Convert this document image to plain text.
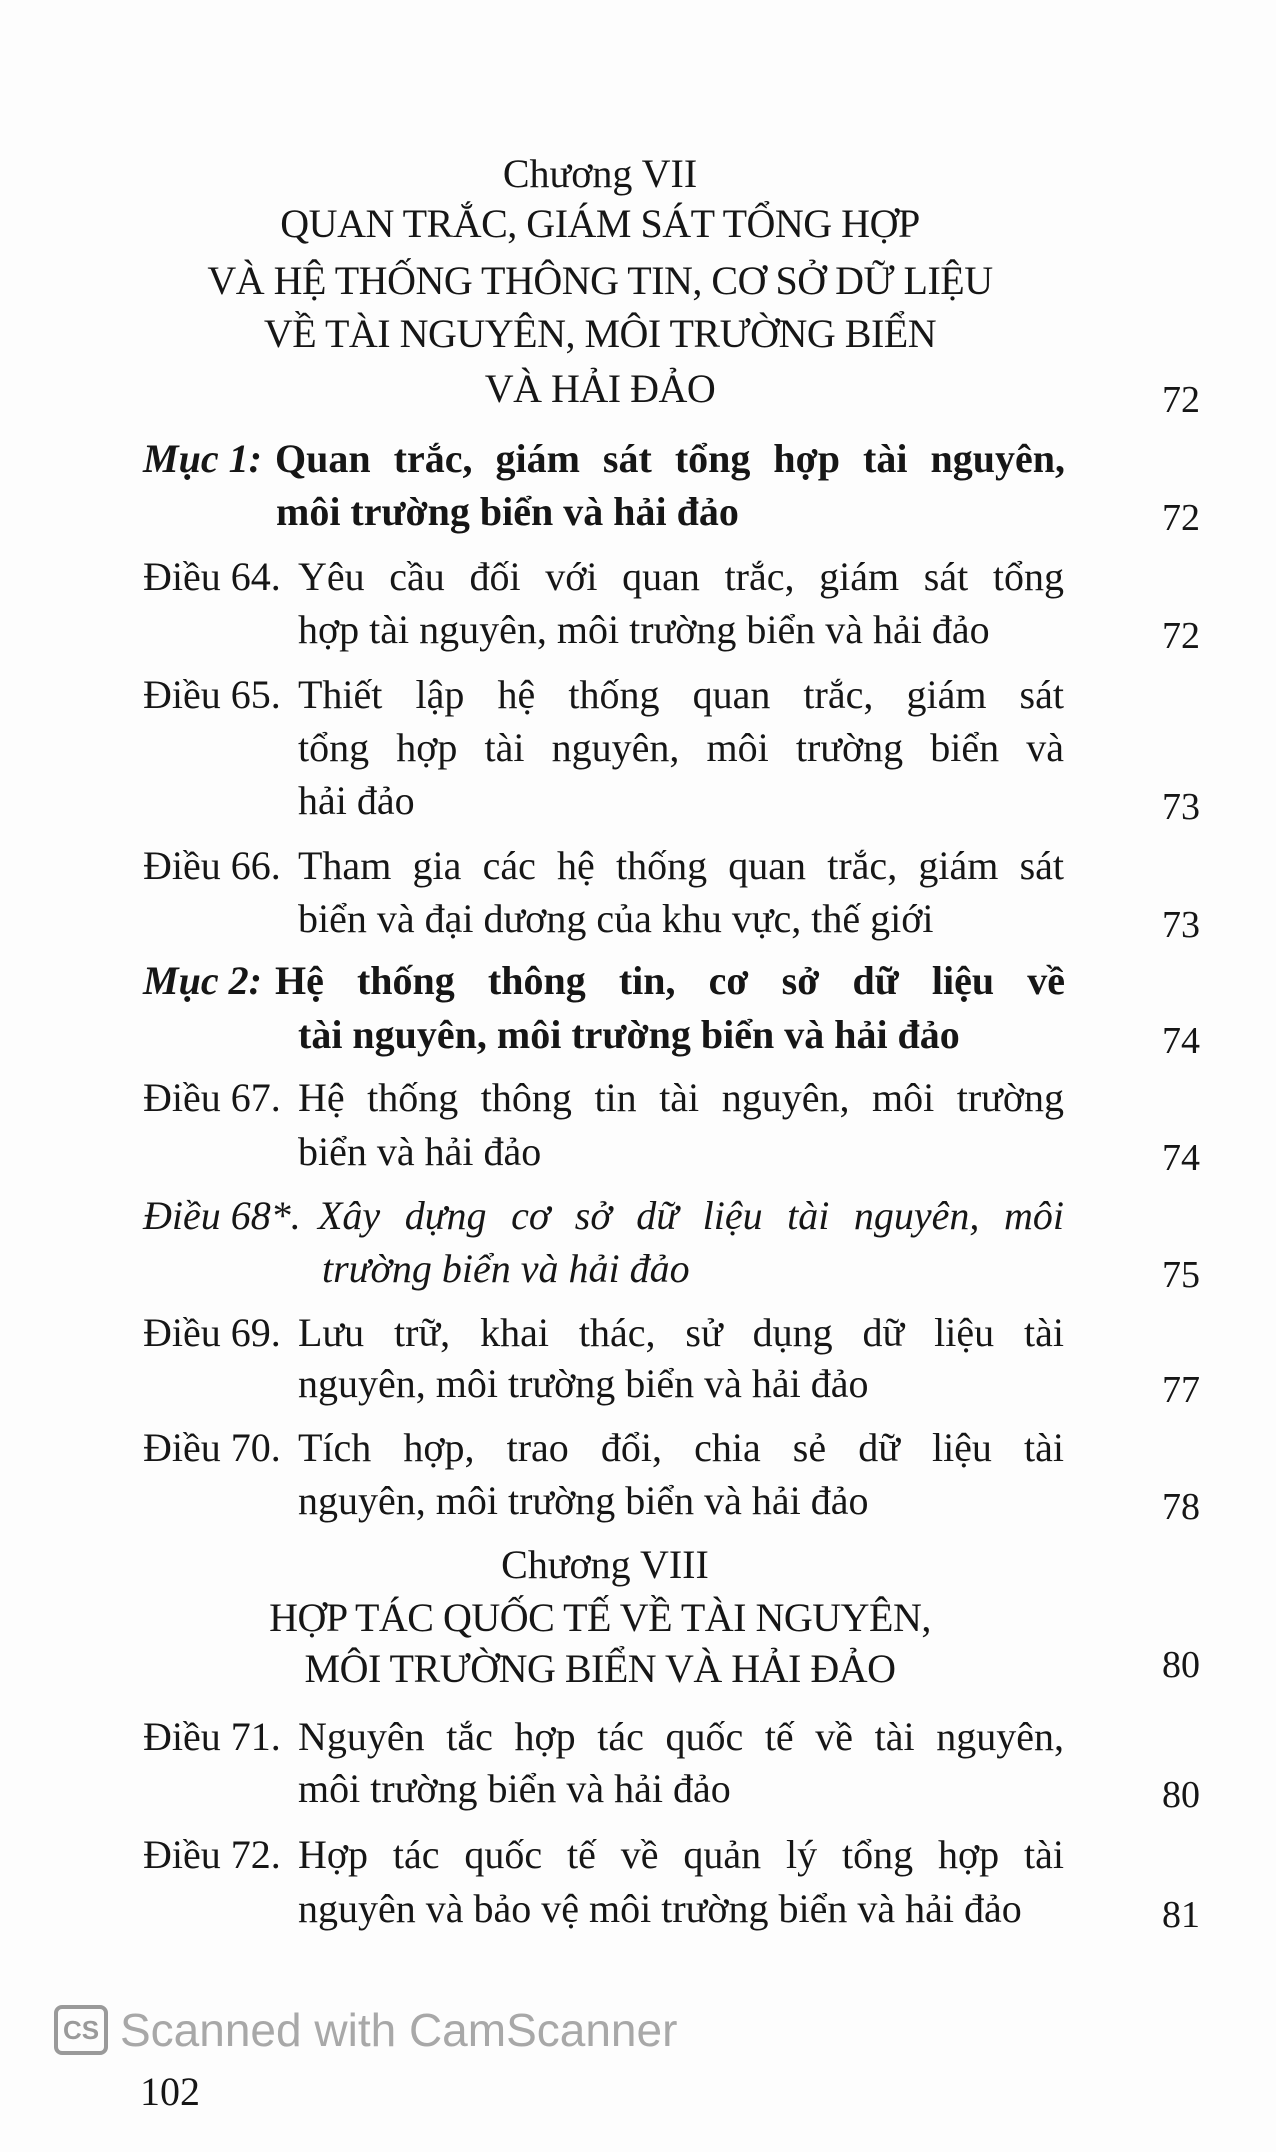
Chương VII
QUAN TRẮC, GIÁM SÁT TỔNG HỢP
VÀ HỆ THỐNG THÔNG TIN, CƠ SỞ DỮ LIỆU
VỀ TÀI NGUYÊN, MÔI TRƯỜNG BIỂN
VÀ HẢI ĐẢO	72
Mục 1: Quan trắc, giám sát tổng hợp tài nguyên,
môi trường biển và hải đảo	72
Điều 64. Yêu cầu đối với quan trắc, giám sát tổng
hợp tài nguyên, môi trường biển và hải đảo	72
Điều 65. Thiết lập hệ thống quan trắc, giám sát
tổng hợp tài nguyên, môi trường biển và
hải đảo	73
Điều 66. Tham gia các hệ thống quan trắc, giám sát
biển và đại dương của khu vực, thế giới	73
Mục 2: Hệ thống thông tin, cơ sở dữ liệu về
tài nguyên, môi trường biển và hải đảo	74
Điều 67. Hệ thống thông tin tài nguyên, môi trường
biển và hải đảo	74
Điều 68*. Xây dựng cơ sở dữ liệu tài nguyên, môi
trường biển và hải đảo	75
Điều 69. Lưu trữ, khai thác, sử dụng dữ liệu tài
nguyên, môi trường biển và hải đảo	77
Điều 70. Tích hợp, trao đổi, chia sẻ dữ liệu tài
nguyên, môi trường biển và hải đảo	78
Chương VIII
HỢP TÁC QUỐC TẾ VỀ TÀI NGUYÊN,
MÔI TRƯỜNG BIỂN VÀ HẢI ĐẢO	80
Điều 71. Nguyên tắc hợp tác quốc tế về tài nguyên,
môi trường biển và hải đảo	80
Điều 72. Hợp tác quốc tế về quản lý tổng hợp tài
nguyên và bảo vệ môi trường biển và hải đảo	81
CS Scanned with CamScanner
102
